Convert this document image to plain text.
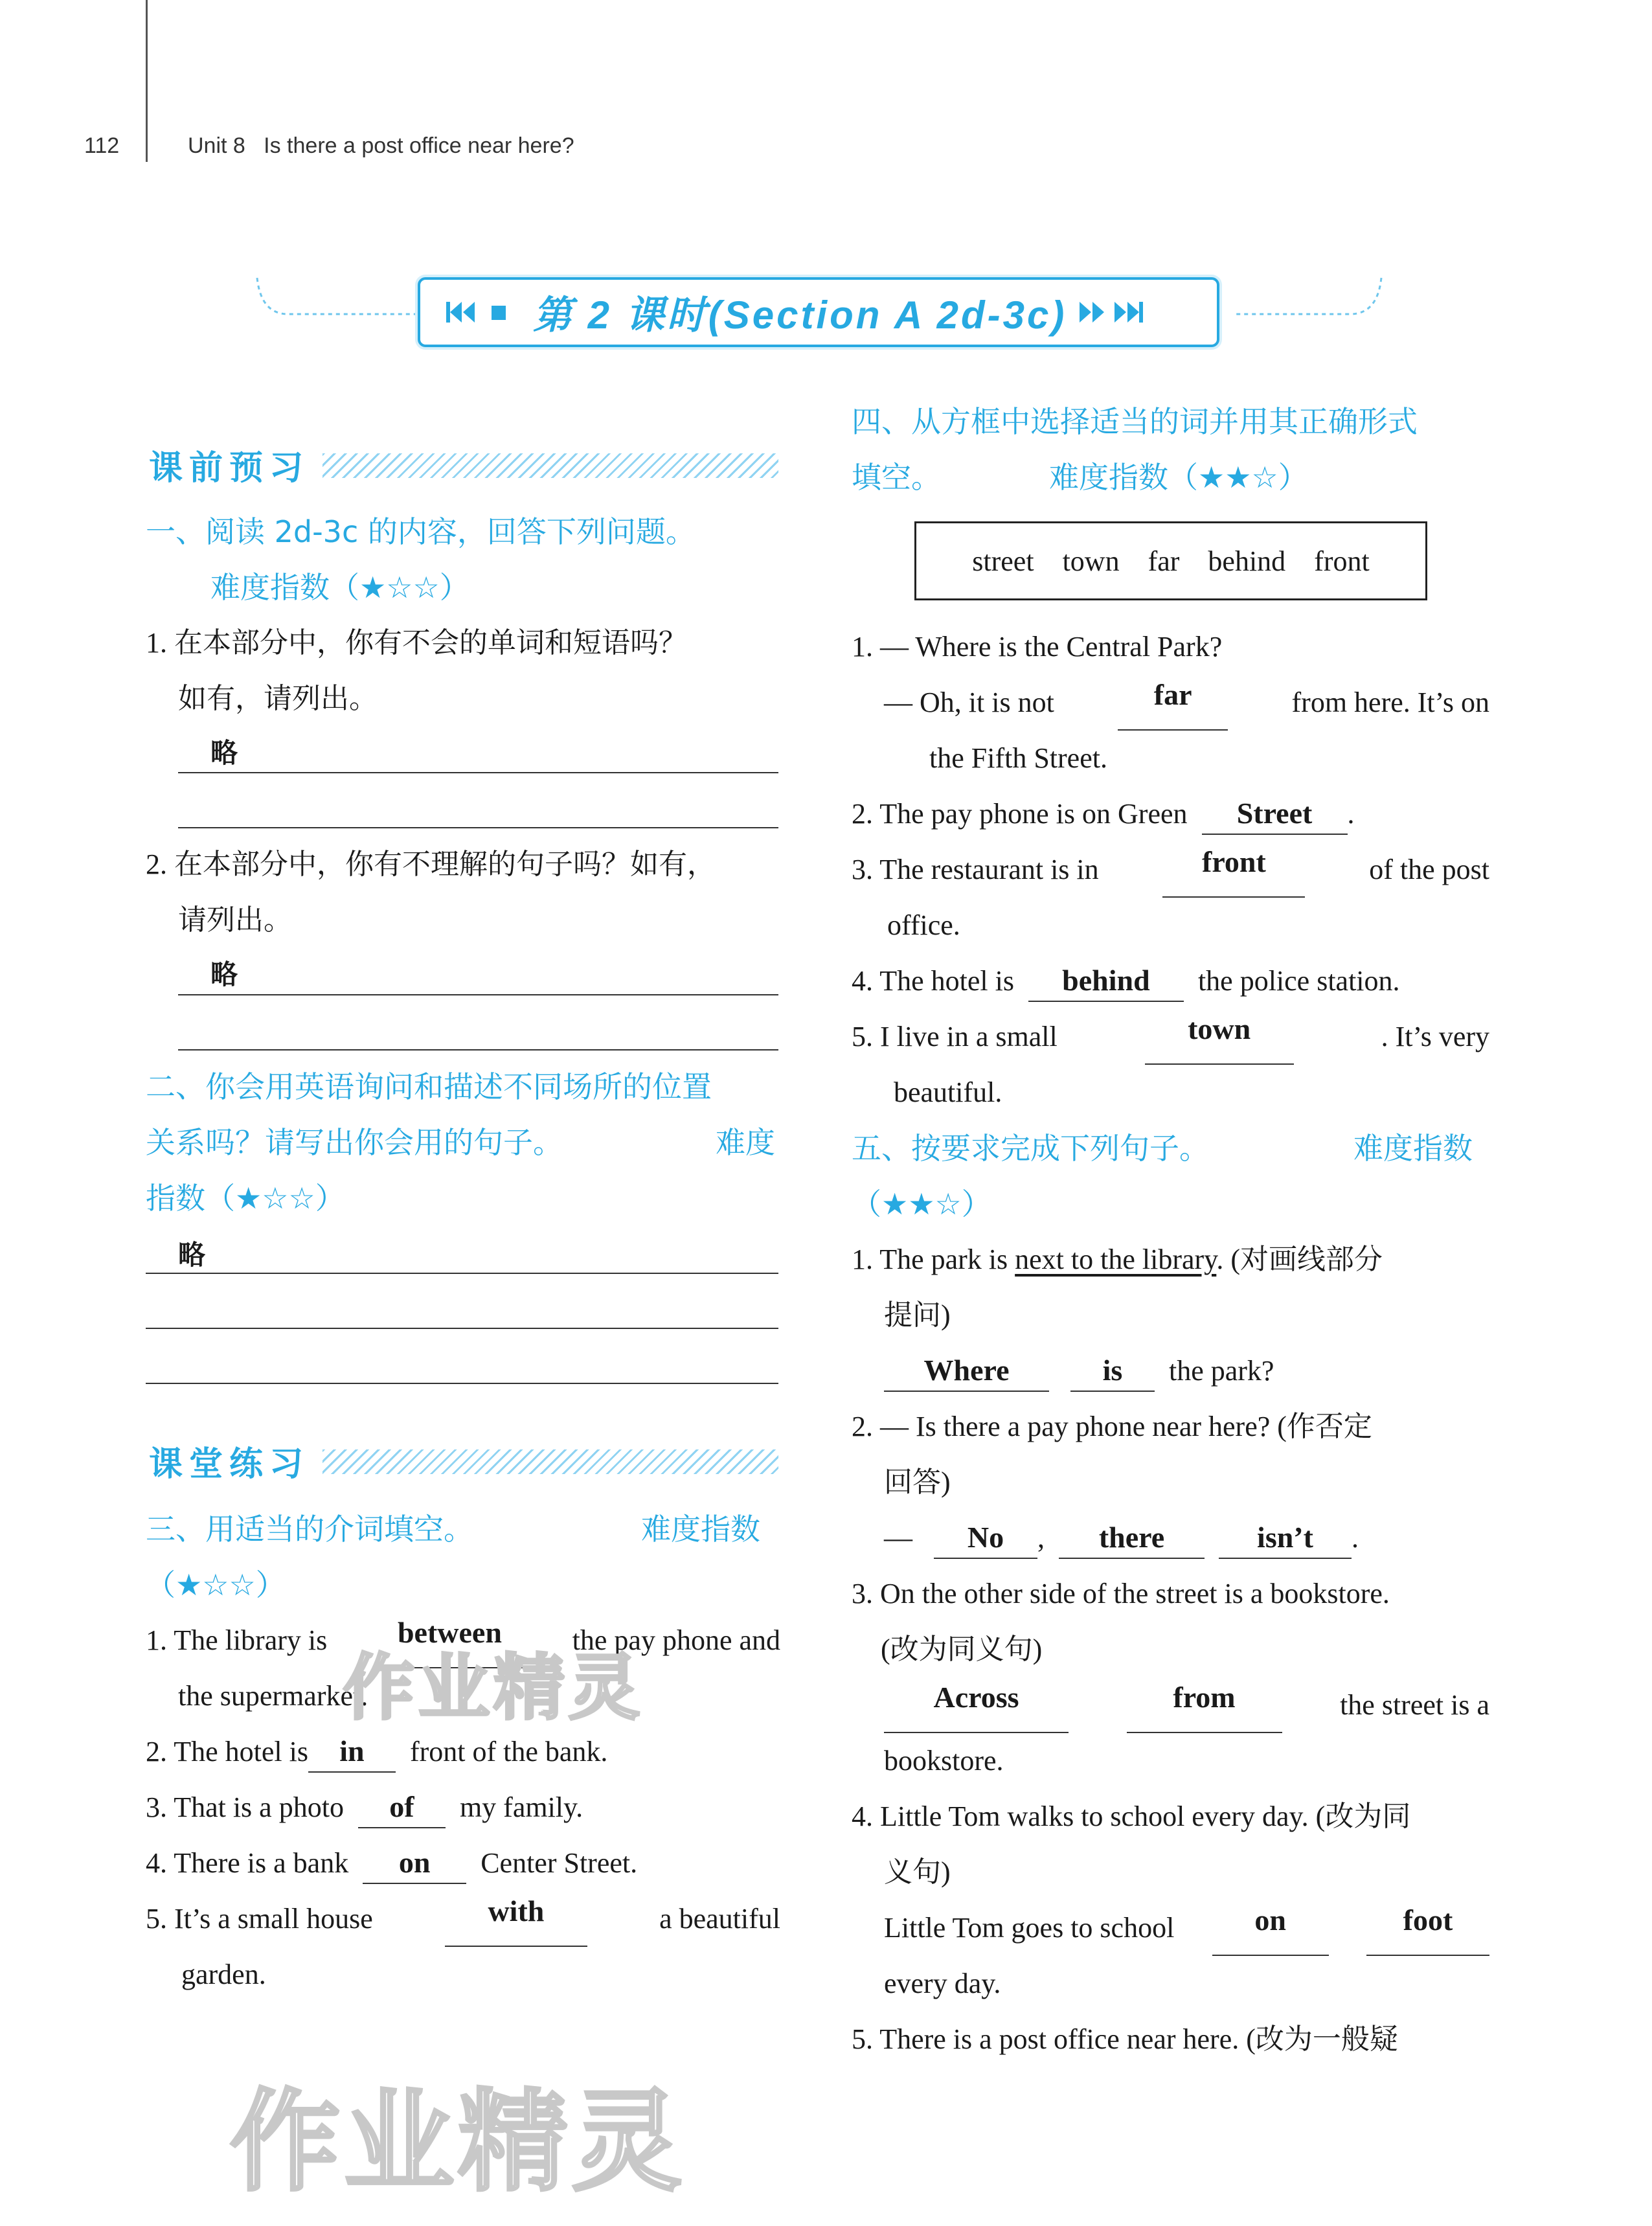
112	Unit 8   Is there a post office near here?
第 2 课时(Section A 2d-3c)
课前预习
一、阅读 2d-3c 的内容，回答下列问题。
难度指数（★☆☆）
1. 在本部分中，你有不会的单词和短语吗？
如有，请列出。
略
2. 在本部分中，你有不理解的句子吗？如有，
请列出。
略
二、你会用英语询问和描述不同场所的位置
关系吗？请写出你会用的句子。	难度
指数（★☆☆）
略
课堂练习
三、用适当的介词填空。	难度指数
（★☆☆）
1. The library is	between	the pay phone and
the supermarket.
2. The hotel is in front of the bank.
3. That is a photo of my family.
4. There is a bank on Center Street.
5. It’s a small house	with	a beautiful
garden.
作业精灵
作业精灵
四、从方框中选择适当的词并用其正确形式
填空。	难度指数（★★☆）
street town far behind front
1. — Where is the Central Park?
— Oh, it is not	far	from here. It’s on
the Fifth Street.
2. The pay phone is on Green Street .
3. The restaurant is in	front	of the post
office.
4. The hotel is behind the police station.
5. I live in a small	town	. It’s very
beautiful.
五、按要求完成下列句子。	难度指数
（★★☆）
1. The park is next to the library. (对画线部分
提问)
Where	is the park?
2. — Is there a pay phone near here? (作否定
回答)
— No , there	isn’t .
3. On the other side of the street is a bookstore.
(改为同义句)
Across	from	the street is a
bookstore.
4. Little Tom walks to school every day. (改为同
义句)
Little Tom goes to school	on	foot
every day.
5. There is a post office near here. (改为一般疑
